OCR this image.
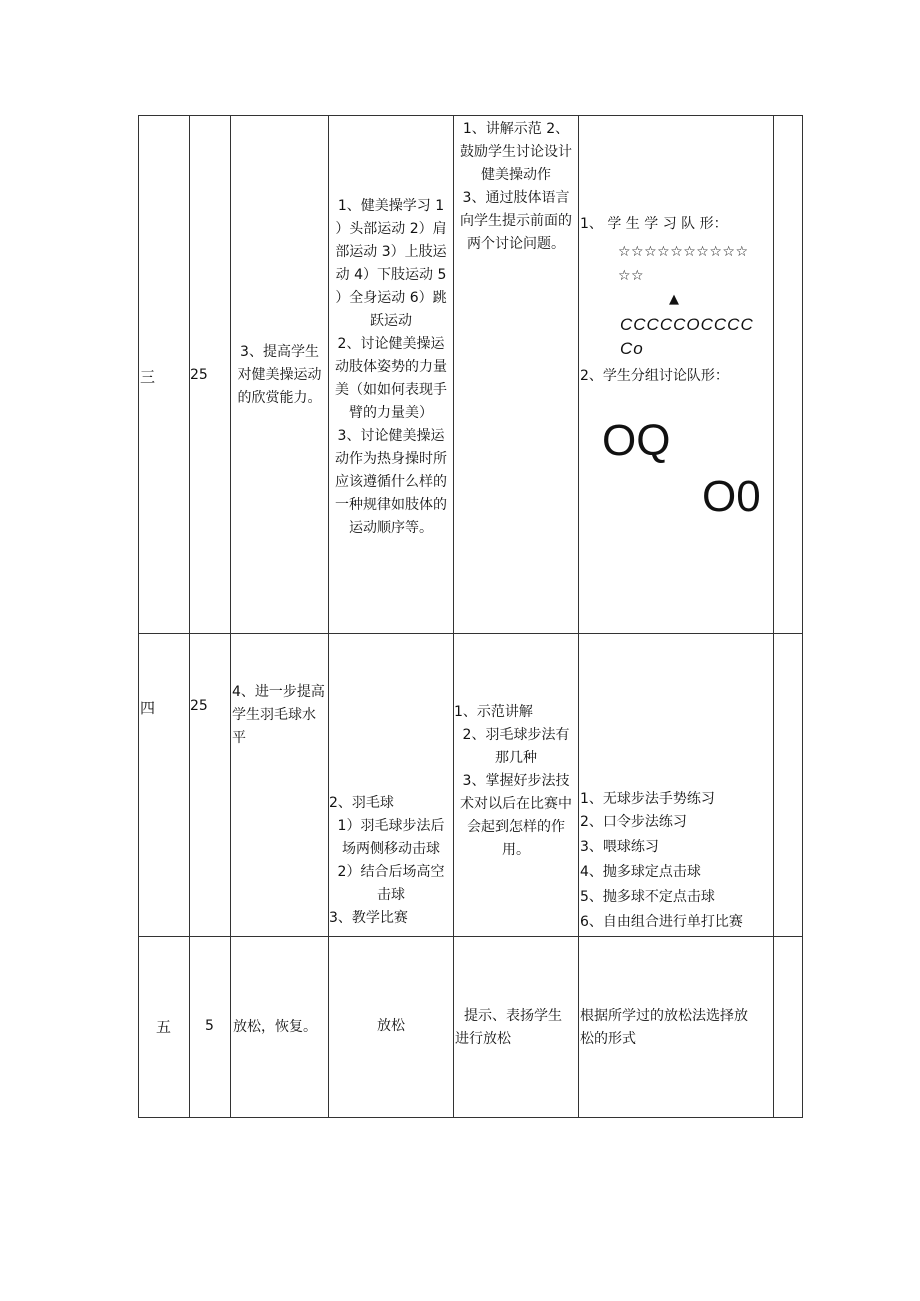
三 25
3、提高学生
对健美操运动
的欣赏能力。
1、健美操学习 1
）头部运动 2）肩
部运动 3）上肢运
动 4）下肢运动 5
）全身运动 6）跳
跃运动
2、讨论健美操运
动肢体姿势的力量
美（如如何表现手
臂的力量美）
3、讨论健美操运
动作为热身操时所
应该遵循什么样的
一种规律如肢体的
运动顺序等。
1、讲解示范 2、
鼓励学生讨论设计
健美操动作
3、通过肢体语言
向学生提示前面的
两个讨论问题。
1、 学 生 学 习 队 形：
☆☆☆☆☆☆☆☆☆☆
☆☆
▲
CCCCCOCCCC
Co
2、学生分组讨论队形：
OQ
O0
四 25
4、进一步提高
学生羽毛球水
平
2、羽毛球
1）羽毛球步法后
场两侧移动击球
2）结合后场高空
击球
3、教学比赛
1、示范讲解
2、羽毛球步法有
那几种
3、掌握好步法技
术对以后在比赛中
会起到怎样的作
用。
1、无球步法手势练习
2、口令步法练习
3、喂球练习
4、抛多球定点击球
5、抛多球不定点击球
6、自由组合进行单打比赛
五 5 放松，恢复。	放松
提示、表扬学生
进行放松
根据所学过的放松法选择放
松的形式
